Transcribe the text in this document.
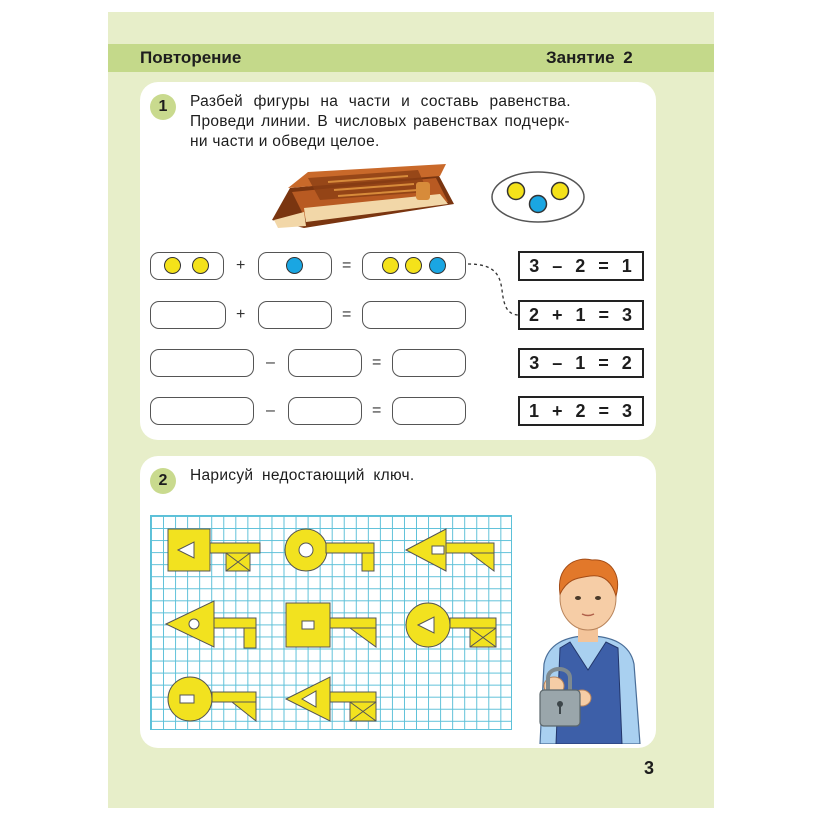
Повторение	Занятие 2
1	Разбей фигуры на части и составь равенства.
Проведи линии. В числовых равенствах подчерк-
ни части и обведи целое.
+	=
+	=
–	=
–	=
3 – 2 = 1
2 + 1 = 3
3 – 1 = 2
1 + 2 = 3
2	Нарисуй недостающий ключ.
3
